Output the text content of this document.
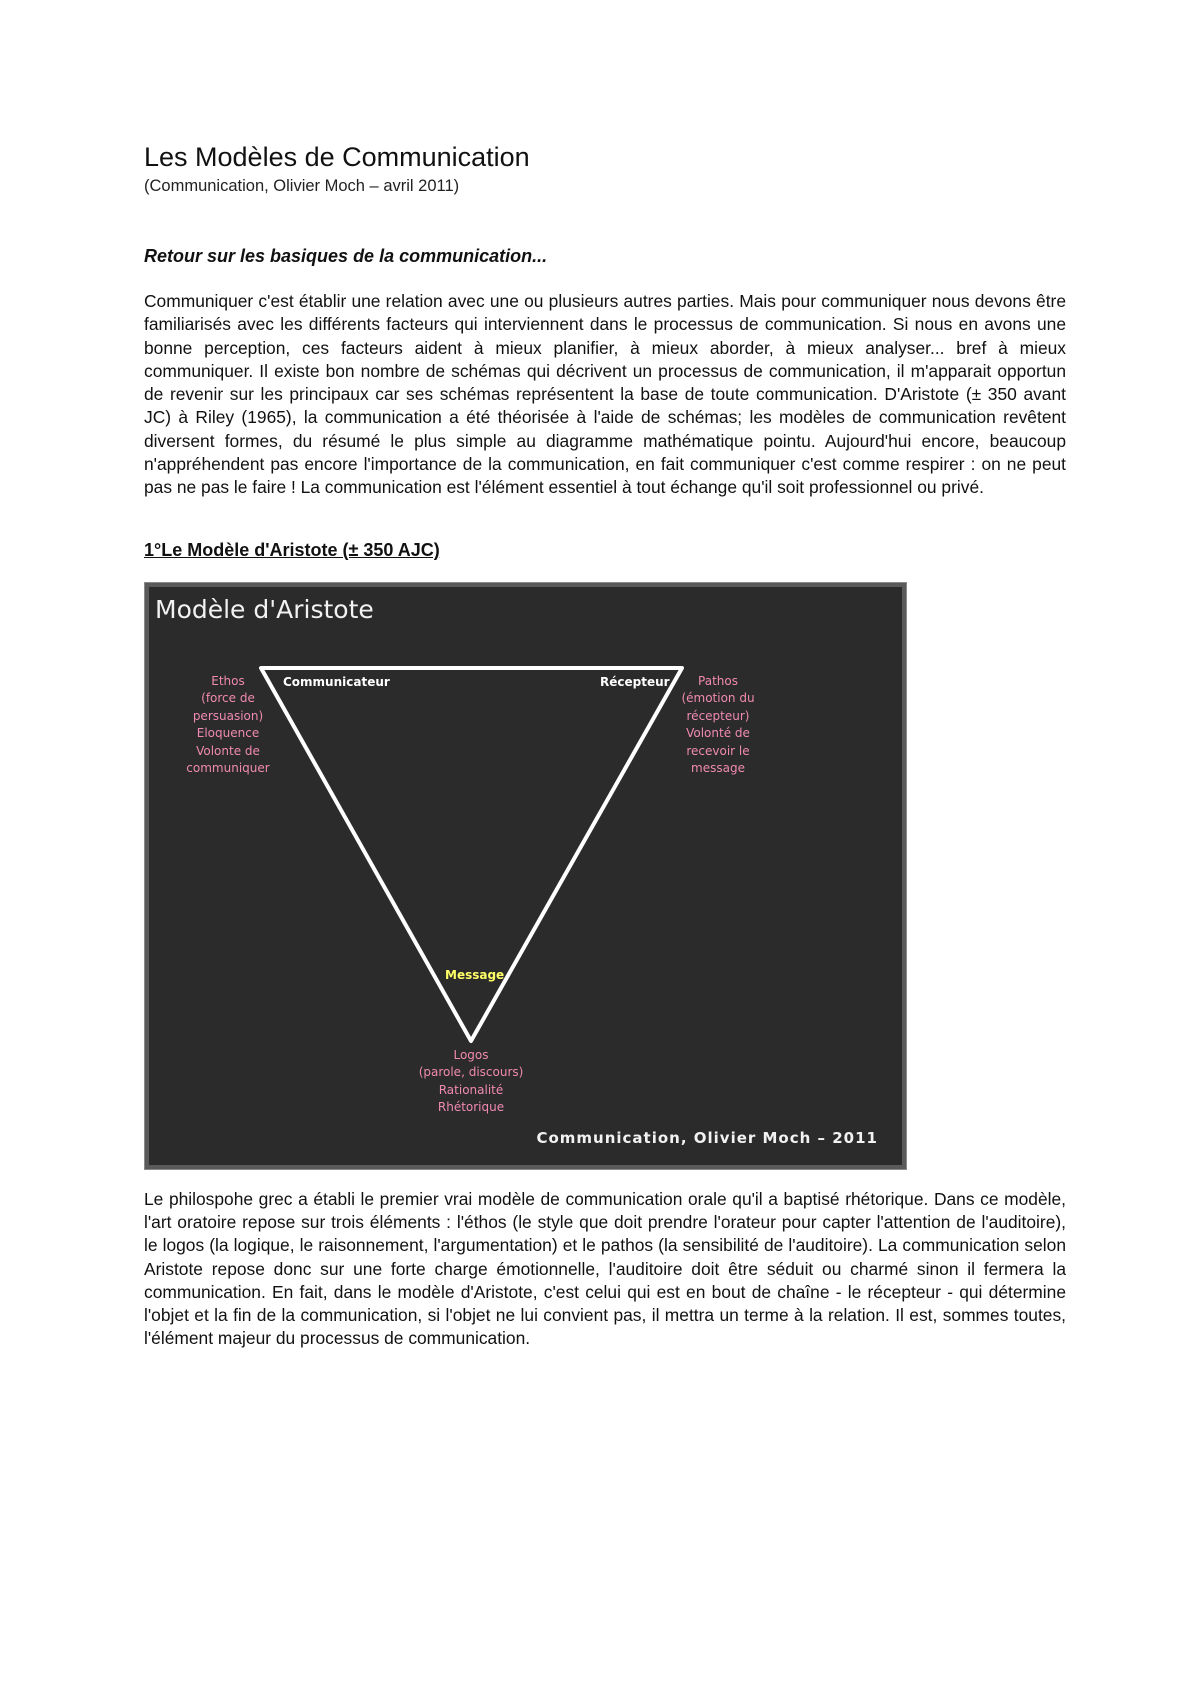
Les Modèles de Communication

(Communication, Olivier Moch – avril 2011)

Retour sur les basiques de la communication...

Communiquer c'est établir une relation avec une ou plusieurs autres parties. Mais pour communiquer nous devons être familiarisés avec les différents facteurs qui interviennent dans le processus de communication. Si nous en avons une bonne perception, ces facteurs aident à mieux planifier, à mieux aborder, à mieux analyser... bref à mieux communiquer. Il existe bon nombre de schémas qui décrivent un processus de communication, il m'apparait opportun de revenir sur les principaux car ses schémas représentent la base de toute communication. D'Aristote (± 350 avant JC) à Riley (1965), la communication a été théorisée à l'aide de schémas; les modèles de communication revêtent diversent formes, du résumé le plus simple au diagramme mathématique pointu. Aujourd'hui encore, beaucoup n'appréhendent pas encore l'importance de la communication, en fait communiquer c'est comme respirer : on ne peut pas ne pas le faire ! La communication est l'élément essentiel à tout échange qu'il soit professionnel ou privé.

1°Le Modèle d'Aristote (± 350 AJC)
Modèle d'Aristote
Communicateur	Récepteur
Message
Ethos
(force de
persuasion)
Eloquence
Volonte de
communiquer
Pathos
(émotion du
récepteur)
Volonté de
recevoir le
message
Logos
(parole, discours)
Rationalité
Rhétorique
Communication, Olivier Moch – 2011

Le philospohe grec a établi le premier vrai modèle de communication orale qu'il a baptisé rhétorique. Dans ce modèle, l'art oratoire repose sur trois éléments : l'éthos (le style que doit prendre l'orateur pour capter l'attention de l'auditoire), le logos (la logique, le raisonnement, l'argumentation) et le pathos (la sensibilité de l'auditoire). La communication selon Aristote repose donc sur une forte charge émotionnelle, l'auditoire doit être séduit ou charmé sinon il fermera la communication. En fait, dans le modèle d'Aristote, c'est celui qui est en bout de chaîne - le récepteur - qui détermine l'objet et la fin de la communication, si l'objet ne lui convient pas, il mettra un terme à la relation. Il est, sommes toutes, l'élément majeur du processus de communication.
